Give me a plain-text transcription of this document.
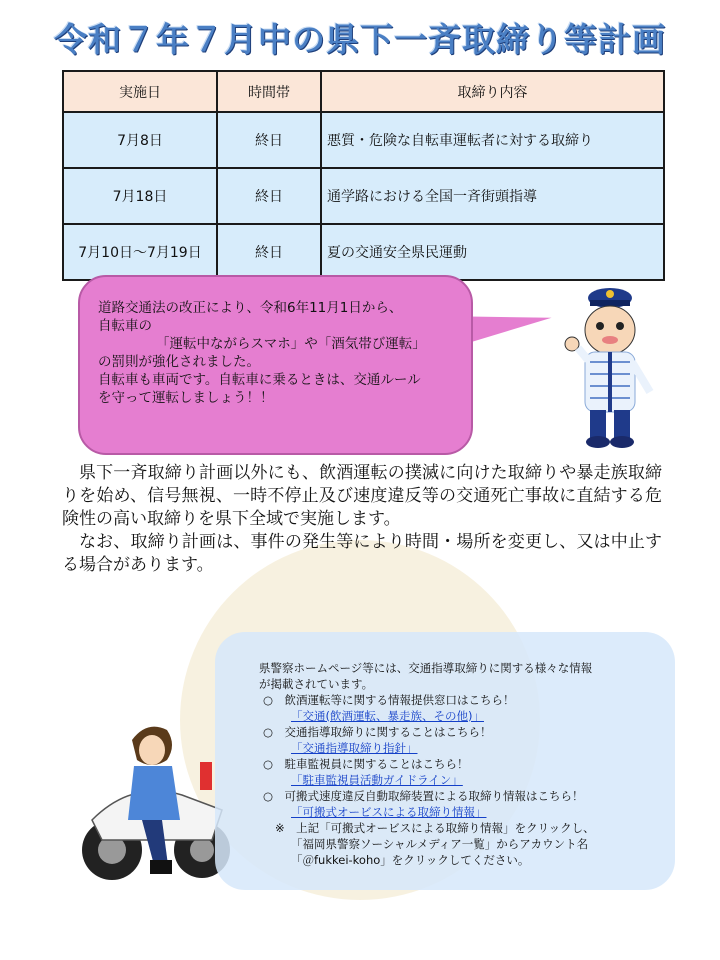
令和７年７月中の県下一斉取締り等計画
実施日	時間帯	取締り内容
7月8日	終日	悪質・危険な自転車運転者に対する取締り
7月18日	終日	通学路における全国一斉街頭指導
7月10日～7月19日	終日	夏の交通安全県民運動

道路交通法の改正により、令和6年11月1日から、

自転車の

「運転中ながらスマホ」や「酒気帯び運転」

の罰則が強化されました。

自転車も車両です。自転車に乗るときは、交通ルール

を守って運転しましょう！！

県下一斉取締り計画以外にも、飲酒運転の撲滅に向けた取締りや暴走族取締りを始め、信号無視、一時不停止及び速度違反等の交通死亡事故に直結する危険性の高い取締りを県下全域で実施します。

なお、取締り計画は、事件の発生等により時間・場所を変更し、又は中止する場合があります。

県警察ホームページ等には、交通指導取締りに関する様々な情報

が掲載されています。

○　飲酒運転等に関する情報提供窓口はこちら！

「交通(飲酒運転、暴走族、その他)」

○　交通指導取締りに関することはこちら！

「交通指導取締り指針」

○　駐車監視員に関することはこちら！

「駐車監視員活動ガイドライン」

○　可搬式速度違反自動取締装置による取締り情報はこちら！

「可搬式オービスによる取締り情報」

※　上記「可搬式オービスによる取締り情報」をクリックし、

「福岡県警察ソーシャルメディア一覧」からアカウント名

「＠fukkei-koho」をクリックしてください。
